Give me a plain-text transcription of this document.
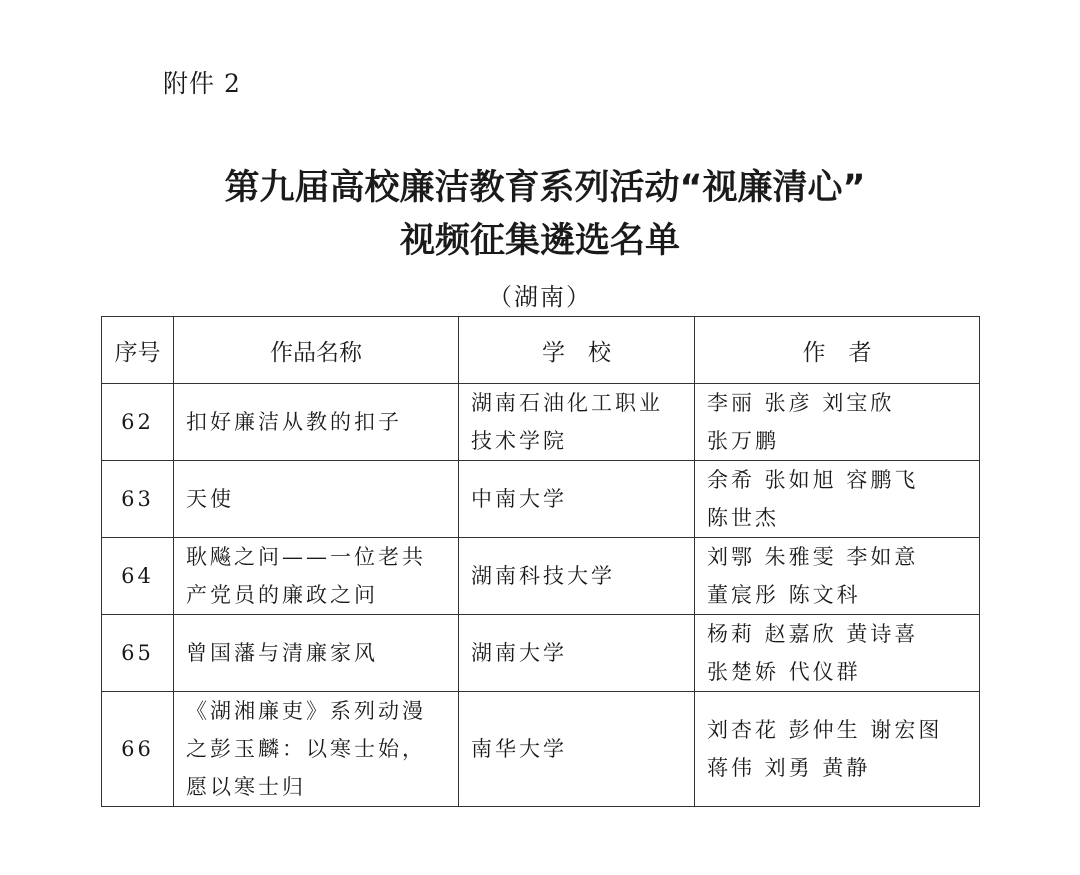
附件 2
第九届高校廉洁教育系列活动“视廉清心”
视频征集遴选名单
（湖南）
序号	作品名称	学　校	作　者
62	扣好廉洁从教的扣子	湖南石油化工职业
技术学院	李丽 张彦 刘宝欣
张万鹏

63	天使	中南大学	余希 张如旭 容鹏飞
陈世杰

64	耿飚之问——一位老共
产党员的廉政之问	湖南科技大学	刘鄂 朱雅雯 李如意
董宸彤 陈文科

65	曾国藩与清廉家风	湖南大学	杨莉 赵嘉欣 黄诗喜
张楚娇 代仪群

66	《湖湘廉吏》系列动漫
之彭玉麟：以寒士始，
愿以寒士归	南华大学	刘杏花 彭仲生 谢宏图
蒋伟 刘勇 黄静
